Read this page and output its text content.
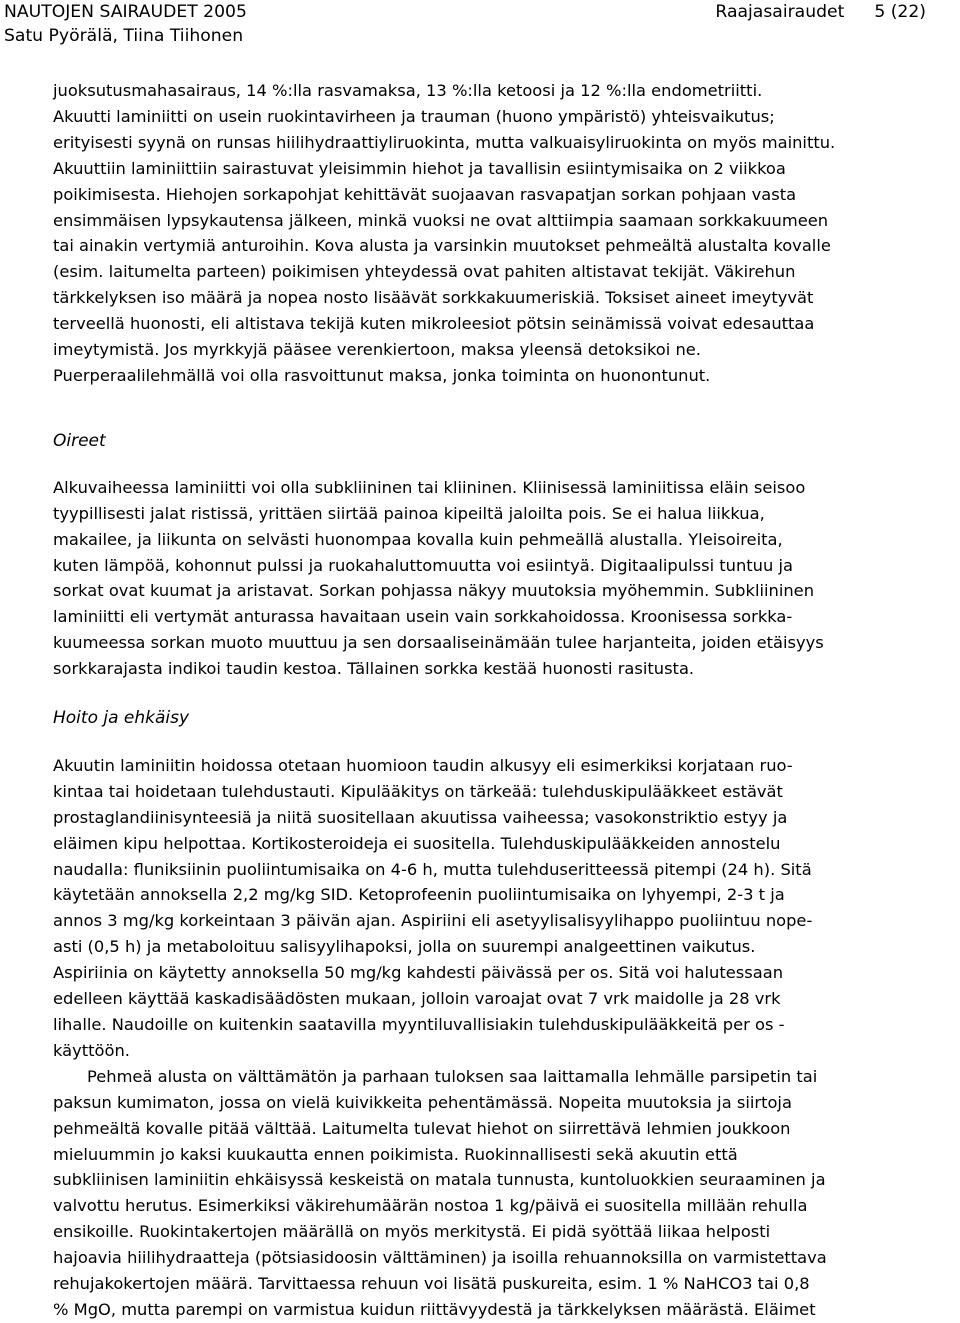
NAUTOJEN SAIRAUDET 2005
Satu Pyörälä, Tiina Tiihonen
Raajasairaudet 5 (22)

juoksutusmahasairaus, 14 %:lla rasvamaksa, 13 %:lla ketoosi ja 12 %:lla endometriitti.
Akuutti laminiitti on usein ruokintavirheen ja trauman (huono ympäristö) yhteisvaikutus;
erityisesti syynä on runsas hiilihydraattiyliruokinta, mutta valkuaisyliruokinta on myös mainittu.
Akuuttiin laminiittiin sairastuvat yleisimmin hiehot ja tavallisin esiintymisaika on 2 viikkoa
poikimisesta. Hiehojen sorkapohjat kehittävät suojaavan rasvapatjan sorkan pohjaan vasta
ensimmäisen lypsykautensa jälkeen, minkä vuoksi ne ovat alttiimpia saamaan sorkkakuumeen
tai ainakin vertymiä anturoihin. Kova alusta ja varsinkin muutokset pehmeältä alustalta kovalle
(esim. laitumelta parteen) poikimisen yhteydessä ovat pahiten altistavat tekijät. Väkirehun
tärkkelyksen iso määrä ja nopea nosto lisäävät sorkkakuumeriskiä. Toksiset aineet imeytyvät
terveellä huonosti, eli altistava tekijä kuten mikroleesiot pötsin seinämissä voivat edesauttaa
imeytymistä. Jos myrkkyjä pääsee verenkiertoon, maksa yleensä detoksikoi ne.
Puerperaalilehmällä voi olla rasvoittunut maksa, jonka toiminta on huonontunut.

Oireet

Alkuvaiheessa laminiitti voi olla subkliininen tai kliininen. Kliinisessä laminiitissa eläin seisoo
tyypillisesti jalat ristissä, yrittäen siirtää painoa kipeiltä jaloilta pois. Se ei halua liikkua,
makailee, ja liikunta on selvästi huonompaa kovalla kuin pehmeällä alustalla. Yleisoireita,
kuten lämpöä, kohonnut pulssi ja ruokahaluttomuutta voi esiintyä. Digitaalipulssi tuntuu ja
sorkat ovat kuumat ja aristavat. Sorkan pohjassa näkyy muutoksia myöhemmin. Subkliininen
laminiitti eli vertymät anturassa havaitaan usein vain sorkkahoidossa. Kroonisessa sorkka-
kuumeessa sorkan muoto muuttuu ja sen dorsaaliseinämään tulee harjanteita, joiden etäisyys
sorkkarajasta indikoi taudin kestoa. Tällainen sorkka kestää huonosti rasitusta.

Hoito ja ehkäisy

Akuutin laminiitin hoidossa otetaan huomioon taudin alkusyy eli esimerkiksi korjataan ruo-
kintaa tai hoidetaan tulehdustauti. Kipulääkitys on tärkeää: tulehduskipulääkkeet estävät
prostaglandiinisynteesiä ja niitä suositellaan akuutissa vaiheessa; vasokonstriktio estyy ja
eläimen kipu helpottaa. Kortikosteroideja ei suositella. Tulehduskipulääkkeiden annostelu
naudalla: fluniksiinin puoliintumisaika on 4-6 h, mutta tulehduseritteessä pitempi (24 h). Sitä
käytetään annoksella 2,2 mg/kg SID. Ketoprofeenin puoliintumisaika on lyhyempi, 2-3 t ja
annos 3 mg/kg korkeintaan 3 päivän ajan. Aspiriini eli asetyylisalisyylihappo puoliintuu nope-
asti (0,5 h) ja metaboloituu salisyylihapoksi, jolla on suurempi analgeettinen vaikutus.
Aspiriinia on käytetty annoksella 50 mg/kg kahdesti päivässä per os. Sitä voi halutessaan
edelleen käyttää kaskadisäädösten mukaan, jolloin varoajat ovat 7 vrk maidolle ja 28 vrk
lihalle. Naudoille on kuitenkin saatavilla myyntiluvallisiakin tulehduskipulääkkeitä per os -
käyttöön.

Pehmeä alusta on välttämätön ja parhaan tuloksen saa laittamalla lehmälle parsipetin tai
paksun kumimaton, jossa on vielä kuivikkeita pehentämässä. Nopeita muutoksia ja siirtoja
pehmeältä kovalle pitää välttää. Laitumelta tulevat hiehot on siirrettävä lehmien joukkoon
mieluummin jo kaksi kuukautta ennen poikimista. Ruokinnallisesti sekä akuutin että
subkliinisen laminiitin ehkäisyssä keskeistä on matala tunnusta, kuntoluokkien seuraaminen ja
valvottu herutus. Esimerkiksi väkirehumäärän nostoa 1 kg/päivä ei suositella millään rehulla
ensikoille. Ruokintakertojen määrällä on myös merkitystä. Ei pidä syöttää liikaa helposti
hajoavia hiilihydraatteja (pötsiasidoosin välttäminen) ja isoilla rehuannoksilla on varmistettava
rehujakokertojen määrä. Tarvittaessa rehuun voi lisätä puskureita, esim. 1 % NaHCO3 tai 0,8
% MgO, mutta parempi on varmistua kuidun riittävyydestä ja tärkkelyksen määrästä. Eläimet
